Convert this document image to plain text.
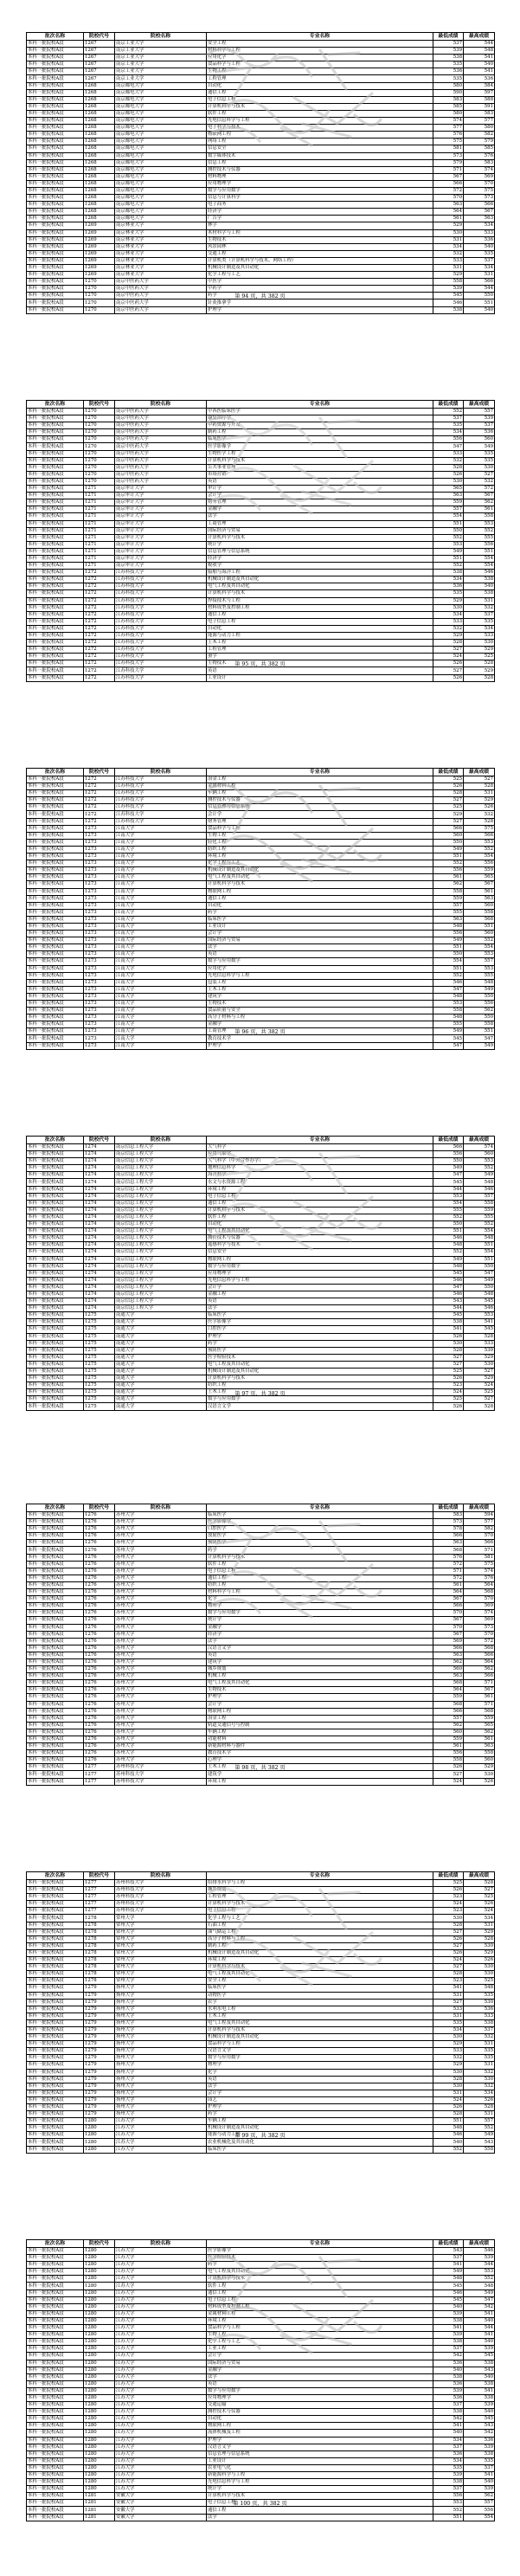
批次名称	院校代号	院校名称	专业名称	最低成绩	最高成绩
本科一批院校A段	1267	南京工业大学	安全工程	537	544
本科一批院校A段	1267	南京工业大学	材料科学与工程	539	548
本科一批院校A段	1267	南京工业大学	应用化学	538	541
本科一批院校A段	1267	南京工业大学	食品科学与工程	535	540
本科一批院校A段	1267	南京工业大学	生物工程	536	541
本科一批院校A段	1267	南京工业大学	工程管理	535	536
本科一批院校A段	1268	南京邮电大学	自动化	580	584
本科一批院校A段	1268	南京邮电大学	通信工程	590	597
本科一批院校A段	1268	南京邮电大学	电子信息工程	583	588
本科一批院校A段	1268	南京邮电大学	计算机科学与技术	585	591
本科一批院校A段	1268	南京邮电大学	软件工程	580	583
本科一批院校A段	1268	南京邮电大学	光电信息科学与工程	574	577
本科一批院校A段	1268	南京邮电大学	电子科学与技术	577	580
本科一批院校A段	1268	南京邮电大学	物联网工程	576	582
本科一批院校A段	1268	南京邮电大学	网络工程	575	579
本科一批院校A段	1268	南京邮电大学	信息安全	581	585
本科一批院校A段	1268	南京邮电大学	数字媒体技术	573	576
本科一批院校A段	1268	南京邮电大学	信息工程	579	583
本科一批院校A段	1268	南京邮电大学	测控技术与仪器	571	574
本科一批院校A段	1268	南京邮电大学	材料物理	567	569
本科一批院校A段	1268	南京邮电大学	应用物理学	566	570
本科一批院校A段	1268	南京邮电大学	数学与应用数学	572	575
本科一批院校A段	1268	南京邮电大学	信息与计算科学	570	573
本科一批院校A段	1268	南京邮电大学	电子商务	563	566
本科一批院校A段	1268	南京邮电大学	经济学	564	567
本科一批院校A段	1268	南京邮电大学	广告学	561	563
本科一批院校A段	1269	南京林业大学	林学	529	534
本科一批院校A段	1269	南京林业大学	木材科学与工程	530	533
本科一批院校A段	1269	南京林业大学	生物技术	531	536
本科一批院校A段	1269	南京林业大学	风景园林	534	540
本科一批院校A段	1269	南京林业大学	交通工程	532	535
本科一批院校A段	1269	南京林业大学	计算机类（计算机科学与技术、网络工程）	533	537
本科一批院校A段	1269	南京林业大学	机械设计制造及其自动化	531	534
本科一批院校A段	1269	南京林业大学	化学工程与工艺	529	531
本科一批院校A段	1270	南京中医药大学	中医学	558	566
本科一批院校A段	1270	南京中医药大学	中药学	539	544
本科一批院校A段	1270	南京中医药大学	药学	545	550
本科一批院校A段	1270	南京中医药大学	针灸推拿学	546	551
本科一批院校A段	1270	南京中医药大学	护理学	538	540
第 94 页，共 382 页
批次名称	院校代号	院校名称	专业名称	最低成绩	最高成绩
本科一批院校A段	1270	南京中医药大学	中西医临床医学	552	557
本科一批院校A段	1270	南京中医药大学	康复治疗学	537	539
本科一批院校A段	1270	南京中医药大学	中药资源与开发	535	537
本科一批院校A段	1270	南京中医药大学	制药工程	534	536
本科一批院校A段	1270	南京中医药大学	临床医学	556	560
本科一批院校A段	1270	南京中医药大学	医学影像学	547	549
本科一批院校A段	1270	南京中医药大学	生物医学工程	533	535
本科一批院校A段	1270	南京中医药大学	计算机科学与技术	532	535
本科一批院校A段	1270	南京中医药大学	公共事业管理	528	530
本科一批院校A段	1270	南京中医药大学	市场营销	526	527
本科一批院校A段	1270	南京中医药大学	英语	530	532
本科一批院校A段	1271	南京审计大学	审计学	565	572
本科一批院校A段	1271	南京审计大学	会计学	563	567
本科一批院校A段	1271	南京审计大学	财务管理	559	562
本科一批院校A段	1271	南京审计大学	金融学	557	561
本科一批院校A段	1271	南京审计大学	法学	554	558
本科一批院校A段	1271	南京审计大学	工商管理	551	553
本科一批院校A段	1271	南京审计大学	国际经济与贸易	550	552
本科一批院校A段	1271	南京审计大学	计算机科学与技术	552	555
本科一批院校A段	1271	南京审计大学	统计学	553	556
本科一批院校A段	1271	南京审计大学	信息管理与信息系统	549	551
本科一批院校A段	1271	南京审计大学	经济学	551	554
本科一批院校A段	1271	南京审计大学	税收学	552	554
本科一批院校A段	1272	江苏科技大学	船舶与海洋工程	538	546
本科一批院校A段	1272	江苏科技大学	机械设计制造及其自动化	534	538
本科一批院校A段	1272	江苏科技大学	电气工程及其自动化	536	540
本科一批院校A段	1272	江苏科技大学	计算机科学与技术	535	538
本科一批院校A段	1272	江苏科技大学	焊接技术与工程	529	531
本科一批院校A段	1272	江苏科技大学	材料成型及控制工程	530	532
本科一批院校A段	1272	江苏科技大学	通信工程	534	537
本科一批院校A段	1272	江苏科技大学	电子信息工程	533	535
本科一批院校A段	1272	江苏科技大学	自动化	532	534
本科一批院校A段	1272	江苏科技大学	能源与动力工程	529	533
本科一批院校A段	1272	江苏科技大学	土木工程	528	530
本科一批院校A段	1272	江苏科技大学	工程管理	527	529
本科一批院校A段	1272	江苏科技大学	蚕学	524	525
本科一批院校A段	1272	江苏科技大学	生物技术	526	528
本科一批院校A段	1272	江苏科技大学	英语	527	529
本科一批院校A段	1272	江苏科技大学	工业设计	526	528
第 95 页，共 382 页
批次名称	院校代号	院校名称	专业名称	最低成绩	最高成绩
本科一批院校A段	1272	江苏科技大学	冶金工程	525	527
本科一批院校A段	1272	江苏科技大学	金属材料工程	526	528
本科一批院校A段	1272	江苏科技大学	车辆工程	528	531
本科一批院校A段	1272	江苏科技大学	测控技术与仪器	527	529
本科一批院校A段	1272	江苏科技大学	信息管理与信息系统	525	526
本科一批院校A段	1272	江苏科技大学	会计学	529	532
本科一批院校A段	1272	江苏科技大学	财务管理	527	528
本科一批院校A段	1273	江南大学	食品科学与工程	566	575
本科一批院校A段	1273	江南大学	生物工程	560	566
本科一批院校A段	1273	江南大学	轻化工程	550	553
本科一批院校A段	1273	江南大学	纺织工程	549	552
本科一批院校A段	1273	江南大学	环境工程	551	554
本科一批院校A段	1273	江南大学	化学工程与工艺	552	556
本科一批院校A段	1273	江南大学	机械设计制造及其自动化	556	559
本科一批院校A段	1273	江南大学	电气工程及其自动化	561	565
本科一批院校A段	1273	江南大学	计算机科学与技术	562	567
本科一批院校A段	1273	江南大学	物联网工程	558	561
本科一批院校A段	1273	江南大学	通信工程	559	563
本科一批院校A段	1273	江南大学	自动化	557	560
本科一批院校A段	1273	江南大学	药学	555	558
本科一批院校A段	1273	江南大学	临床医学	563	568
本科一批院校A段	1273	江南大学	工业设计	548	551
本科一批院校A段	1273	江南大学	会计学	556	560
本科一批院校A段	1273	江南大学	国际经济与贸易	549	552
本科一批院校A段	1273	江南大学	法学	551	554
本科一批院校A段	1273	江南大学	英语	550	553
本科一批院校A段	1273	江南大学	数学与应用数学	554	557
本科一批院校A段	1273	江南大学	应用化学	551	553
本科一批院校A段	1273	江南大学	光电信息科学与工程	552	555
本科一批院校A段	1273	江南大学	包装工程	546	548
本科一批院校A段	1273	江南大学	土木工程	547	549
本科一批院校A段	1273	江南大学	建筑学	548	550
本科一批院校A段	1273	江南大学	生物技术	553	556
本科一批院校A段	1273	江南大学	食品质量与安全	558	562
本科一批院校A段	1273	江南大学	高分子材料与工程	548	550
本科一批院校A段	1273	江南大学	金融学	555	558
本科一批院校A段	1273	江南大学	工商管理	549	551
本科一批院校A段	1273	江南大学	教育技术学	545	547
本科一批院校A段	1273	江南大学	护理学	547	549
第 96 页，共 382 页
批次名称	院校代号	院校名称	专业名称	最低成绩	最高成绩
本科一批院校A段	1274	南京信息工程大学	大气科学	566	574
本科一批院校A段	1274	南京信息工程大学	应用气象学	556	560
本科一批院校A段	1274	南京信息工程大学	大气科学（中外合作办学）	550	553
本科一批院校A段	1274	南京信息工程大学	地理信息科学	549	552
本科一批院校A段	1274	南京信息工程大学	海洋科学	547	549
本科一批院校A段	1274	南京信息工程大学	水文与水资源工程	545	548
本科一批院校A段	1274	南京信息工程大学	环境工程	544	546
本科一批院校A段	1274	南京信息工程大学	电子信息工程	553	557
本科一批院校A段	1274	南京信息工程大学	通信工程	554	558
本科一批院校A段	1274	南京信息工程大学	计算机科学与技术	555	559
本科一批院校A段	1274	南京信息工程大学	软件工程	552	555
本科一批院校A段	1274	南京信息工程大学	自动化	550	552
本科一批院校A段	1274	南京信息工程大学	电气工程及其自动化	551	554
本科一批院校A段	1274	南京信息工程大学	测控技术与仪器	546	548
本科一批院校A段	1274	南京信息工程大学	遥感科学与技术	548	551
本科一批院校A段	1274	南京信息工程大学	信息安全	552	554
本科一批院校A段	1274	南京信息工程大学	物联网工程	549	551
本科一批院校A段	1274	南京信息工程大学	数学与应用数学	548	550
本科一批院校A段	1274	南京信息工程大学	应用物理学	545	547
本科一批院校A段	1274	南京信息工程大学	光电信息科学与工程	546	549
本科一批院校A段	1274	南京信息工程大学	会计学	547	550
本科一批院校A段	1274	南京信息工程大学	金融工程	546	548
本科一批院校A段	1274	南京信息工程大学	英语	543	545
本科一批院校A段	1274	南京信息工程大学	法学	544	546
本科一批院校A段	1275	南通大学	临床医学	545	553
本科一批院校A段	1275	南通大学	医学影像学	538	541
本科一批院校A段	1275	南通大学	口腔医学	541	545
本科一批院校A段	1275	南通大学	护理学	526	528
本科一批院校A段	1275	南通大学	药学	530	533
本科一批院校A段	1275	南通大学	预防医学	528	530
本科一批院校A段	1275	南通大学	医学检验技术	527	529
本科一批院校A段	1275	南通大学	电气工程及其自动化	527	530
本科一批院校A段	1275	南通大学	机械设计制造及其自动化	525	527
本科一批院校A段	1275	南通大学	计算机科学与技术	526	529
本科一批院校A段	1275	南通大学	纺织工程	523	524
本科一批院校A段	1275	南通大学	土木工程	524	525
本科一批院校A段	1275	南通大学	数学与应用数学	525	527
本科一批院校A段	1275	南通大学	汉语言文学	526	528
第 97 页，共 382 页
批次名称	院校代号	院校名称	专业名称	最低成绩	最高成绩
本科一批院校A段	1276	苏州大学	临床医学	583	594
本科一批院校A段	1276	苏州大学	医学影像学	573	577
本科一批院校A段	1276	苏州大学	口腔医学	578	582
本科一批院校A段	1276	苏州大学	放射医学	566	570
本科一批院校A段	1276	苏州大学	预防医学	563	566
本科一批院校A段	1276	苏州大学	药学	568	571
本科一批院校A段	1276	苏州大学	计算机科学与技术	576	581
本科一批院校A段	1276	苏州大学	软件工程	572	575
本科一批院校A段	1276	苏州大学	电子信息工程	571	574
本科一批院校A段	1276	苏州大学	通信工程	572	576
本科一批院校A段	1276	苏州大学	纺织工程	561	564
本科一批院校A段	1276	苏州大学	材料科学与工程	564	568
本科一批院校A段	1276	苏州大学	化学	567	570
本科一批院校A段	1276	苏州大学	物理学	566	569
本科一批院校A段	1276	苏州大学	数学与应用数学	570	574
本科一批院校A段	1276	苏州大学	统计学	567	569
本科一批院校A段	1276	苏州大学	金融学	570	573
本科一批院校A段	1276	苏州大学	经济学	567	570
本科一批院校A段	1276	苏州大学	法学	569	572
本科一批院校A段	1276	苏州大学	汉语言文学	566	568
本科一批院校A段	1276	苏州大学	英语	563	566
本科一批院校A段	1276	苏州大学	建筑学	562	564
本科一批院校A段	1276	苏州大学	城乡规划	560	562
本科一批院校A段	1276	苏州大学	机械工程	563	566
本科一批院校A段	1276	苏州大学	电气工程及其自动化	568	571
本科一批院校A段	1276	苏州大学	生物技术	564	567
本科一批院校A段	1276	苏州大学	护理学	559	561
本科一批院校A段	1276	苏州大学	会计学	568	571
本科一批院校A段	1276	苏州大学	物联网工程	566	568
本科一批院校A段	1276	苏州大学	冶金工程	557	559
本科一批院校A段	1276	苏州大学	轨道交通信号与控制	562	565
本科一批院校A段	1276	苏州大学	车辆工程	560	562
本科一批院校A段	1276	苏州大学	功能材料	559	561
本科一批院校A段	1276	苏州大学	新能源材料与器件	561	563
本科一批院校A段	1276	苏州大学	教育技术学	556	558
本科一批院校A段	1276	苏州大学	心理学	558	560
本科一批院校A段	1277	苏州科技大学	土木工程	526	529
本科一批院校A段	1277	苏州科技大学	建筑学	527	530
本科一批院校A段	1277	苏州科技大学	环境工程	524	526
第 98 页，共 382 页
批次名称	院校代号	院校名称	专业名称	最低成绩	最高成绩
本科一批院校A段	1277	苏州科技大学	给排水科学与工程	525	528
本科一批院校A段	1277	苏州科技大学	城乡规划	526	527
本科一批院校A段	1277	苏州科技大学	工程管理	523	525
本科一批院校A段	1277	苏州科技大学	计算机科学与技术	524	526
本科一批院校A段	1277	苏州科技大学	电子信息工程	523	524
本科一批院校A段	1278	常州大学	化学工程与工艺	530	534
本科一批院校A段	1278	常州大学	石油工程	528	531
本科一批院校A段	1278	常州大学	油气储运工程	527	529
本科一批院校A段	1278	常州大学	高分子材料与工程	526	528
本科一批院校A段	1278	常州大学	制药工程	527	530
本科一批院校A段	1278	常州大学	机械设计制造及其自动化	526	529
本科一批院校A段	1278	常州大学	环境工程	524	526
本科一批院校A段	1278	常州大学	计算机科学与技术	527	530
本科一批院校A段	1278	常州大学	电气工程及其自动化	528	530
本科一批院校A段	1278	常州大学	安全工程	523	525
本科一批院校A段	1279	扬州大学	临床医学	541	548
本科一批院校A段	1279	扬州大学	动物医学	531	535
本科一批院校A段	1279	扬州大学	农学	527	530
本科一批院校A段	1279	扬州大学	水利水电工程	533	536
本科一批院校A段	1279	扬州大学	土木工程	531	533
本科一批院校A段	1279	扬州大学	电气工程及其自动化	535	538
本科一批院校A段	1279	扬州大学	计算机科学与技术	534	537
本科一批院校A段	1279	扬州大学	机械设计制造及其自动化	530	532
本科一批院校A段	1279	扬州大学	食品科学与工程	529	531
本科一批院校A段	1279	扬州大学	汉语言文学	533	535
本科一批院校A段	1279	扬州大学	数学与应用数学	532	535
本科一批院校A段	1279	扬州大学	物理学	529	531
本科一批院校A段	1279	扬州大学	化学	530	532
本科一批院校A段	1279	扬州大学	英语	528	530
本科一批院校A段	1279	扬州大学	法学	530	532
本科一批院校A段	1279	扬州大学	会计学	531	534
本科一批院校A段	1279	扬州大学	园艺	524	526
本科一批院校A段	1279	扬州大学	护理学	526	528
本科一批院校A段	1279	扬州大学	药学	528	531
本科一批院校A段	1280	江苏大学	车辆工程	551	557
本科一批院校A段	1280	江苏大学	机械设计制造及其自动化	548	552
本科一批院校A段	1280	江苏大学	能源与动力工程	546	549
本科一批院校A段	1280	江苏大学	农业机械化及其自动化	540	543
本科一批院校A段	1280	江苏大学	临床医学	552	558
第 99 页，共 382 页
批次名称	院校代号	院校名称	专业名称	最低成绩	最高成绩
本科一批院校A段	1280	江苏大学	医学影像学	543	546
本科一批院校A段	1280	江苏大学	医学检验技术	537	539
本科一批院校A段	1280	江苏大学	药学	541	544
本科一批院校A段	1280	江苏大学	电气工程及其自动化	549	553
本科一批院校A段	1280	江苏大学	计算机科学与技术	548	552
本科一批院校A段	1280	江苏大学	软件工程	545	548
本科一批院校A段	1280	江苏大学	通信工程	546	549
本科一批院校A段	1280	江苏大学	电子信息工程	545	547
本科一批院校A段	1280	江苏大学	材料成型及控制工程	540	542
本科一批院校A段	1280	江苏大学	金属材料工程	539	541
本科一批院校A段	1280	江苏大学	环境工程	538	540
本科一批院校A段	1280	江苏大学	食品科学与工程	541	544
本科一批院校A段	1280	江苏大学	生物工程	539	541
本科一批院校A段	1280	江苏大学	化学工程与工艺	538	540
本科一批院校A段	1280	江苏大学	工业工程	537	539
本科一批院校A段	1280	江苏大学	会计学	542	545
本科一批院校A段	1280	江苏大学	国际经济与贸易	536	538
本科一批院校A段	1280	江苏大学	金融学	540	543
本科一批院校A段	1280	江苏大学	法学	538	540
本科一批院校A段	1280	江苏大学	英语	536	538
本科一批院校A段	1280	江苏大学	数学与应用数学	539	541
本科一批院校A段	1280	江苏大学	应用物理学	536	538
本科一批院校A段	1280	江苏大学	交通运输	537	539
本科一批院校A段	1280	江苏大学	测控技术与仪器	538	540
本科一批院校A段	1280	江苏大学	自动化	542	545
本科一批院校A段	1280	江苏大学	物联网工程	541	543
本科一批院校A段	1280	江苏大学	流体机械及工程	540	542
本科一批院校A段	1280	江苏大学	护理学	534	536
本科一批院校A段	1280	江苏大学	汉语言文学	537	539
本科一批院校A段	1280	江苏大学	信息管理与信息系统	536	538
本科一批院校A段	1280	江苏大学	工业设计	534	535
本科一批院校A段	1280	江苏大学	农业电气化	535	537
本科一批院校A段	1280	江苏大学	新能源科学与工程	539	541
本科一批院校A段	1280	江苏大学	光电信息科学与工程	538	540
本科一批院校A段	1280	江苏大学	统计学	537	539
本科一批院校A段	1281	安徽大学	计算机科学与技术	556	562
本科一批院校A段	1281	安徽大学	电子信息工程	553	557
本科一批院校A段	1281	安徽大学	通信工程	552	556
本科一批院校A段	1281	安徽大学	法学	551	554
第 100 页，共 382 页
